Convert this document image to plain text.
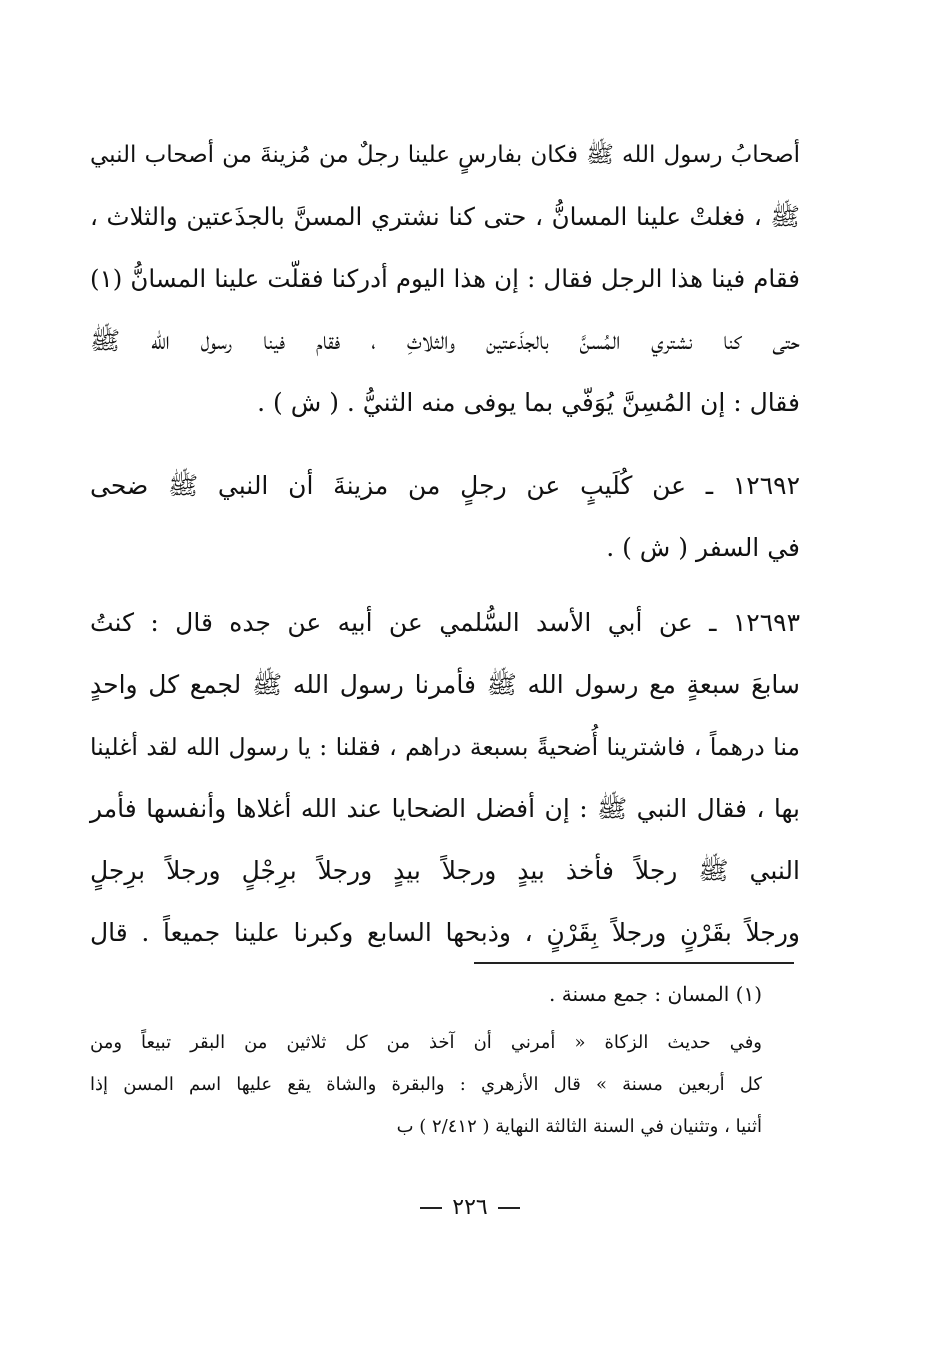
أصحابُ رسول الله ﷺ فكان بفارسٍ علينا رجلٌ من مُزينةَ من أصحاب النبي
ﷺ ، فغلتْ علينا المسانُّ ، حتى كنا نشتري المسنَّ بالجذَعتين والثلاث ،
فقام فينا هذا الرجل فقال : إن هذا اليوم أدركنا فقلّت علينا المسانُّ (١)
حتى كنا نشتري المُسنَّ بالجذَعتين والثلاثِ ، فقام فينا رسول الله ﷺ
فقال : إن المُسِنَّ يُوَفّي بما يوفى منه الثنيُّ . ( ش ) .
١٢٦٩٢ ـ عن كُلَيبٍ عن رجلٍ من مزينةَ أن النبي ﷺ ضحى
في السفر ( ش ) .
١٢٦٩٣ ـ عن أبي الأسد السُّلمي عن أبيه عن جده قال : كنتُ
سابعَ سبعةٍ مع رسول الله ﷺ فأمرنا رسول الله ﷺ لجمع كل واحدٍ
منا درهماً ، فاشترينا أُضحيةً بسبعة دراهم ، فقلنا : يا رسول الله لقد أغلينا
بها ، فقال النبي ﷺ : إن أفضل الضحايا عند الله أغلاها وأنفسها فأمر
النبي ﷺ رجلاً فأخذ بيدٍ ورجلاً بيدٍ ورجلاً برِجْلٍ ورجلاً برِجلٍ
ورجلاً بقَرْنٍ ورجلاً بِقَرْنٍ ، وذبحها السابع وكبرنا علينا جميعاً . قال
(١) المسان : جمع مسنة .
وفي حديث الزكاة « أمرني أن آخذ من كل ثلاثين من البقر تبيعاً ومن
كل أربعين مسنة » قال الأزهري : والبقرة والشاة يقع عليها اسم المسن إذا
أثنيا ، وتثنيان في السنة الثالثة النهاية ( ٢/٤١٢ ) ب
٢٢٦
